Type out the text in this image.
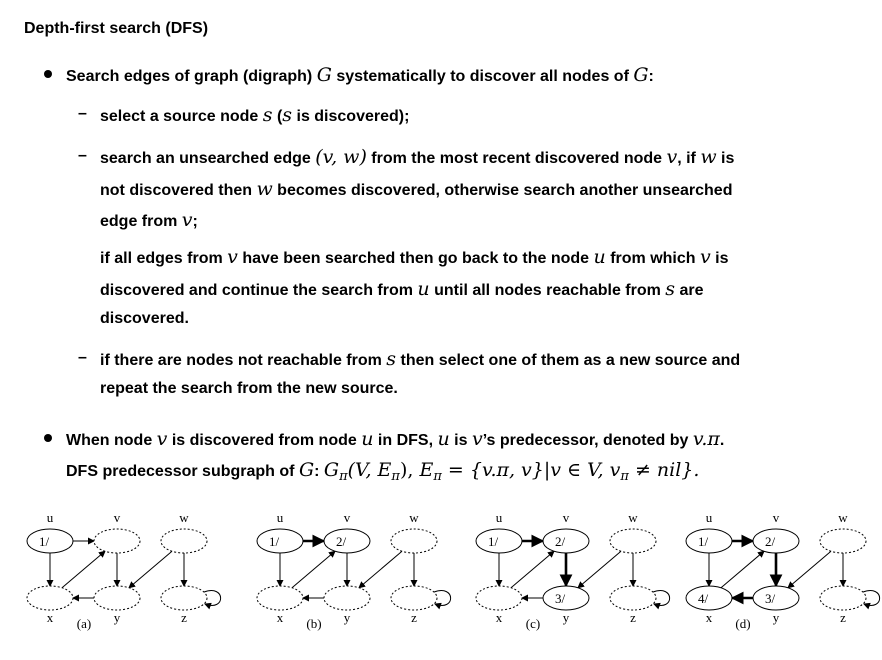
Depth-first search (DFS)
Search edges of graph (digraph) G systematically to discover all nodes of G:
– select a source node s (s is discovered);
– search an unsearched edge (v, w) from the most recent discovered node v, if w is
not discovered then w becomes discovered, otherwise search another unsearched
edge from v;
if all edges from v have been searched then go back to the node u from which v is
discovered and continue the search from u until all nodes reachable from s are
discovered.
– if there are nodes not reachable from s then select one of them as a new source and
repeat the search from the new source.
When node v is discovered from node u in DFS, u is v’s predecessor, denoted by v.π.
DFS predecessor subgraph of G: $G_\pi(V$, $E_\pi$), $E_\pi = \{v.\pi$, v}|v ∈ V, $v_\pi \ne nil$}.
1/
u	v	w
x	y	z
(a)
1/	2/
u	v	w
x	y	z
(b)
1/	2/
3/
u	v	w
x	y	z
(c)
1/	2/
4/	3/
u	v	w
x	y	z
(d)
